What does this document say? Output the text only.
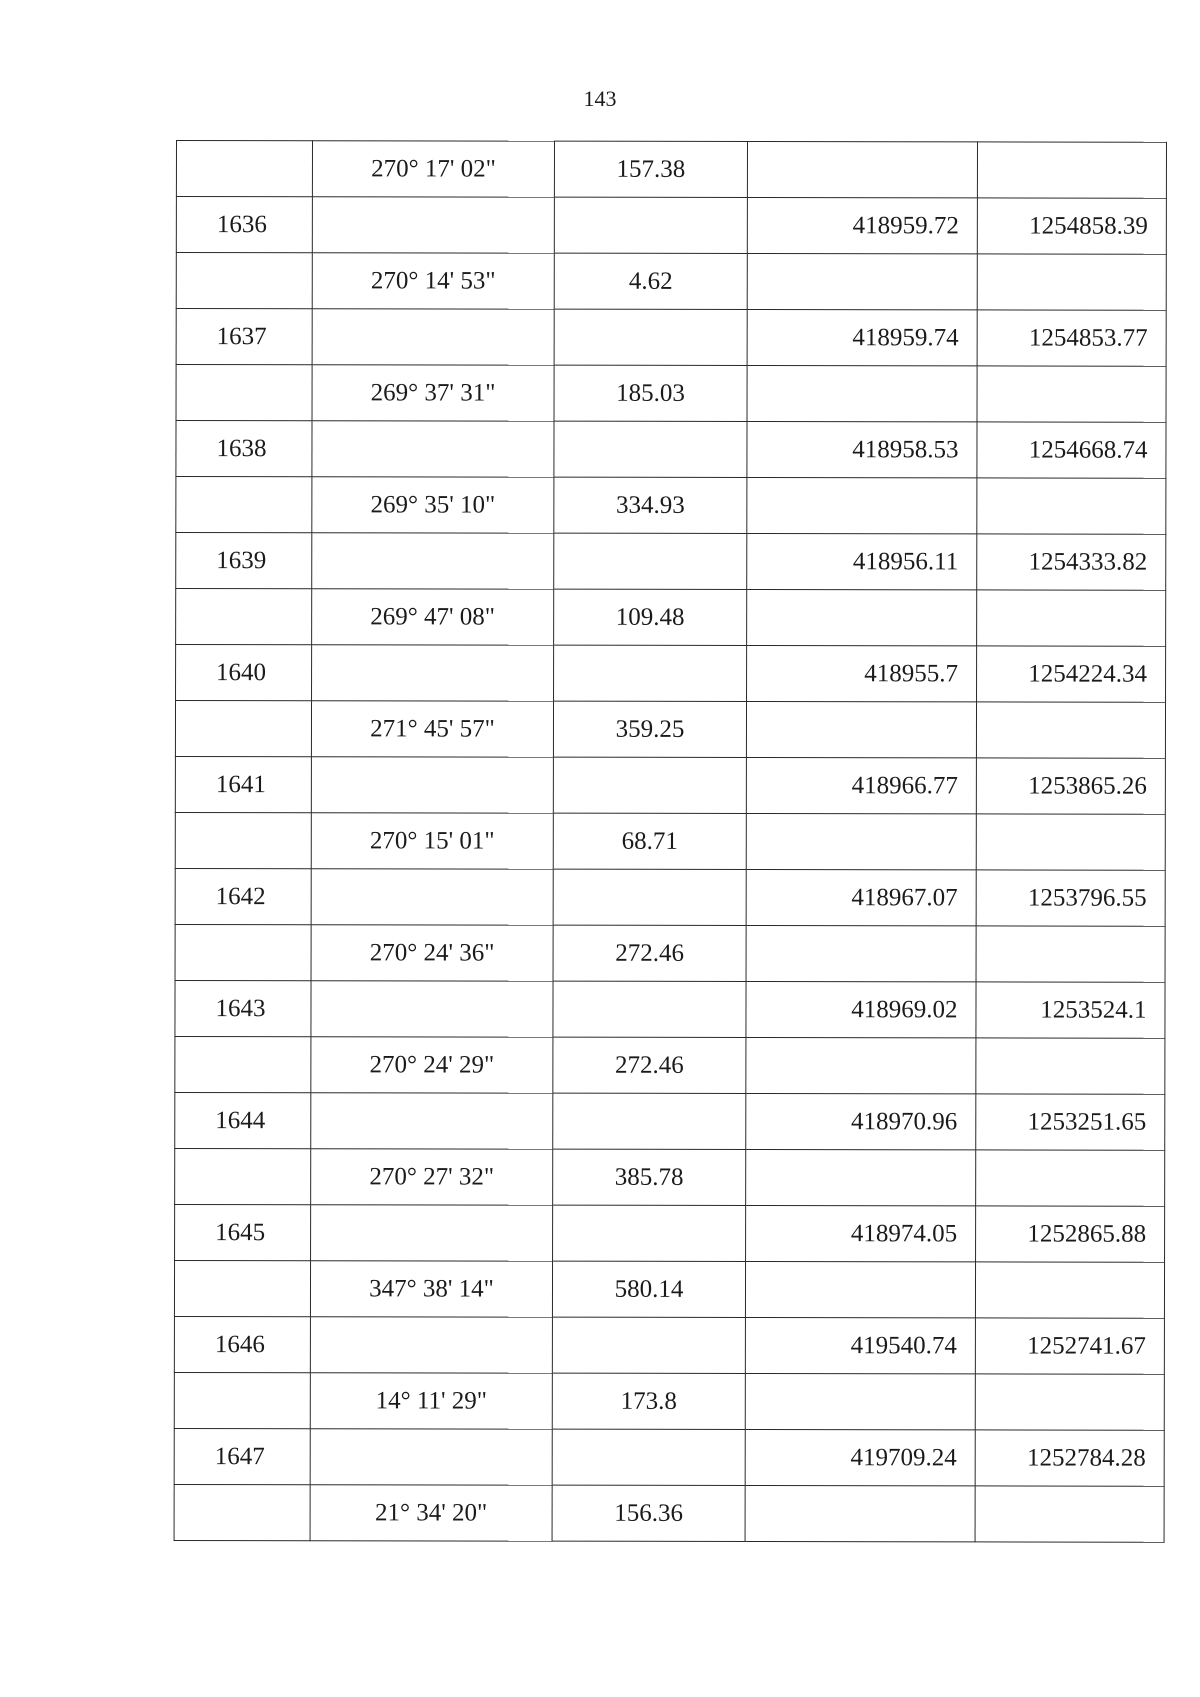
143
	270° 17' 02"	157.38		
1636			418959.72	1254858.39
	270° 14' 53"	4.62		
1637			418959.74	1254853.77
	269° 37' 31"	185.03		
1638			418958.53	1254668.74
	269° 35' 10"	334.93		
1639			418956.11	1254333.82
	269° 47' 08"	109.48		
1640			418955.7	1254224.34
	271° 45' 57"	359.25		
1641			418966.77	1253865.26
	270° 15' 01"	68.71		
1642			418967.07	1253796.55
	270° 24' 36"	272.46		
1643			418969.02	1253524.1
	270° 24' 29"	272.46		
1644			418970.96	1253251.65
	270° 27' 32"	385.78		
1645			418974.05	1252865.88
	347° 38' 14"	580.14		
1646			419540.74	1252741.67
	14° 11' 29"	173.8		
1647			419709.24	1252784.28
	21° 34' 20"	156.36		
